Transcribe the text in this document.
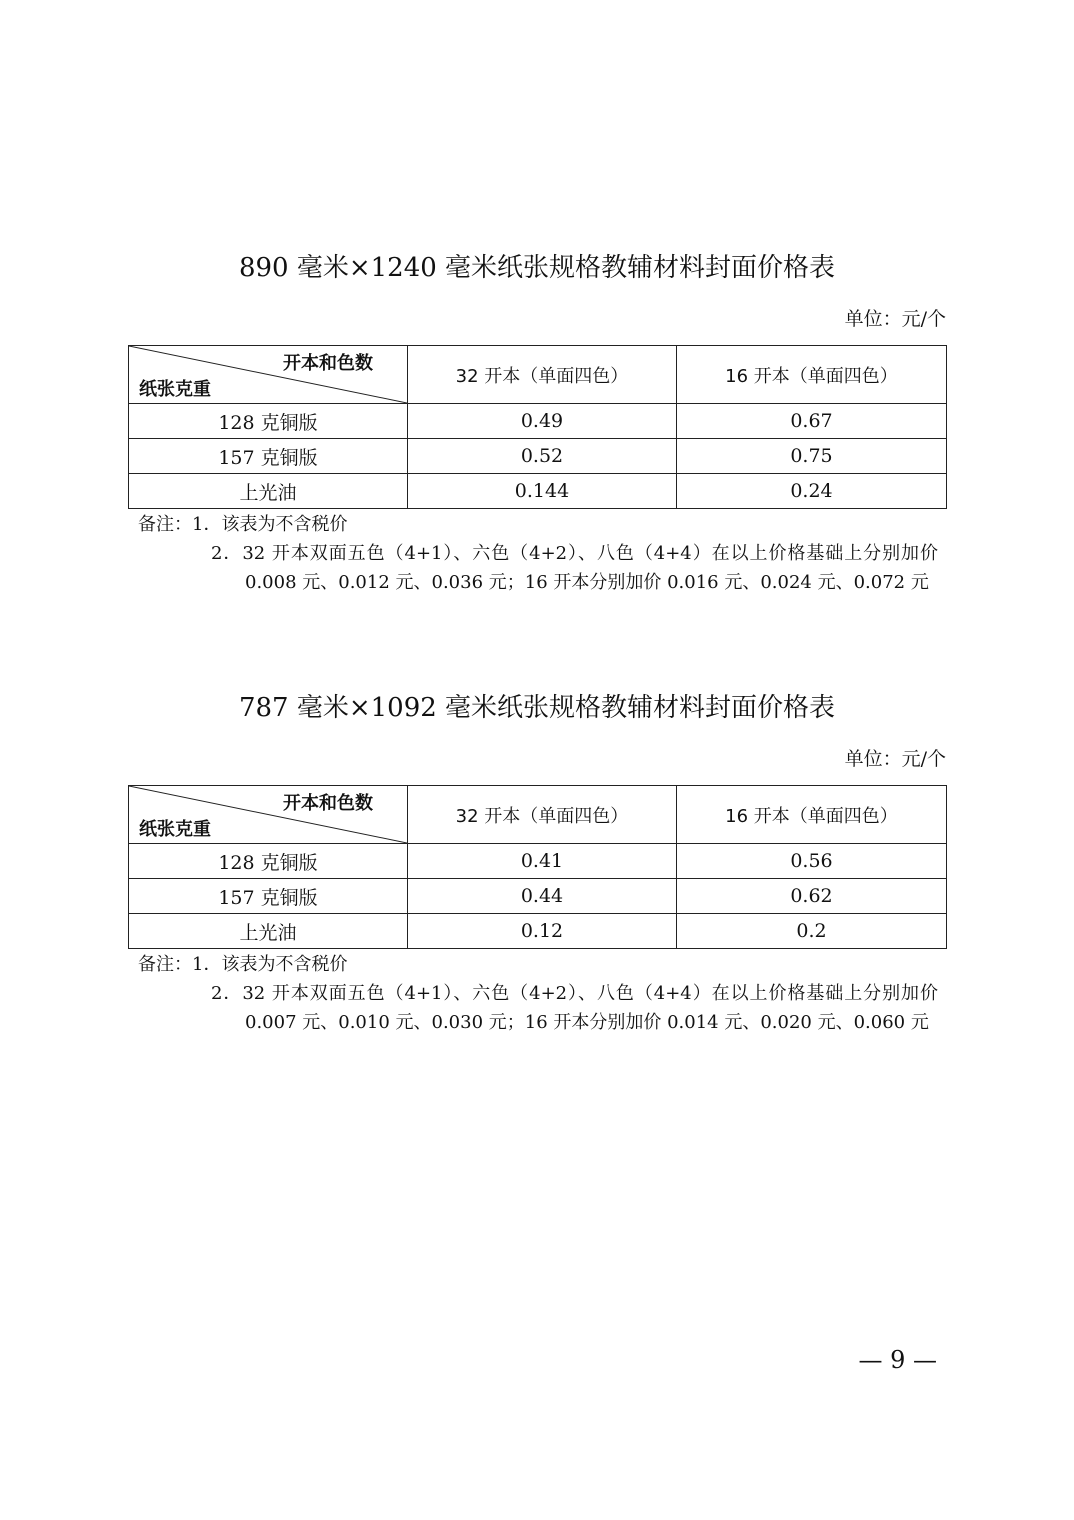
890 毫米×1240 毫米纸张规格教辅材料封面价格表
单位：元/个
开本和色数
纸张克重	32 开本（单面四色）	16 开本（单面四色）
128 克铜版	0.49	0.67
157 克铜版	0.52	0.75
上光油	0.144	0.24
备注：1．该表为不含税价
2．32 开本双面五色（4+1）、六色（4+2）、八色（4+4）在以上价格基础上分别加价 0.008 元、0.012 元、0.036 元；16 开本分别加价 0.016 元、0.024 元、0.072 元
787 毫米×1092 毫米纸张规格教辅材料封面价格表
单位：元/个
开本和色数
纸张克重	32 开本（单面四色）	16 开本（单面四色）
128 克铜版	0.41	0.56
157 克铜版	0.44	0.62
上光油	0.12	0.2
备注：1．该表为不含税价
2．32 开本双面五色（4+1）、六色（4+2）、八色（4+4）在以上价格基础上分别加价 0.007 元、0.010 元、0.030 元；16 开本分别加价 0.014 元、0.020 元、0.060 元
— 9 —
